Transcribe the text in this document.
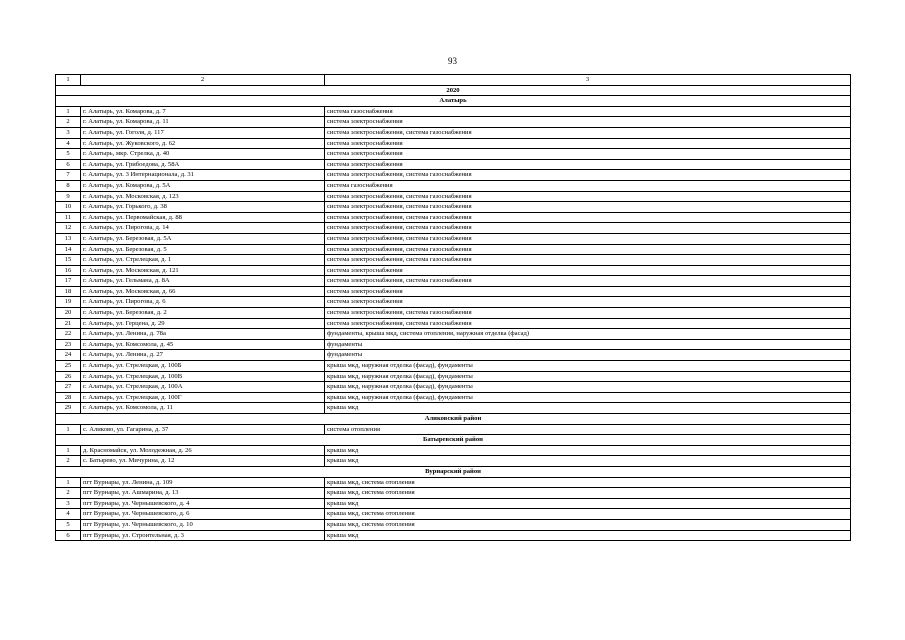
93
1	2	3
2020		
Алатырь		
1	г. Алатырь, ул. Комарова, д. 7	система газоснабжения
2	г. Алатырь, ул. Комарова, д. 11	система электроснабжения
3	г. Алатырь, ул. Гоголя, д. 117	система электроснабжения, система газоснабжения
4	г. Алатырь, ул. Жуковского, д. 62	система электроснабжения
5	г. Алатырь, мкр. Стрелка, д. 40	система электроснабжения
6	г. Алатырь, ул. Грибоедова, д. 58А	система электроснабжения
7	г. Алатырь, ул. 3 Интернационала, д. 31	система электроснабжения, система газоснабжения
8	г. Алатырь, ул. Комарова, д. 5А	система газоснабжения
9	г. Алатырь, ул. Московская, д. 123	система электроснабжения, система газоснабжения
10	г. Алатырь, ул. Горького, д. 38	система электроснабжения, система газоснабжения
11	г. Алатырь, ул. Первомайская, д. 88	система электроснабжения, система газоснабжения
12	г. Алатырь, ул. Пирогова, д. 14	система электроснабжения, система газоснабжения
13	г. Алатырь, ул. Березовая, д. 5А	система электроснабжения, система газоснабжения
14	г. Алатырь, ул. Березовая, д. 5	система электроснабжения, система газоснабжения
15	г. Алатырь, ул. Стрелецкая, д. 1	система электроснабжения, система газоснабжения
16	г. Алатырь, ул. Московская, д. 121	система электроснабжения
17	г. Алатырь, ул. Гельмана, д. 8А	система электроснабжения, система газоснабжения
18	г. Алатырь, ул. Московская, д. 66	система электроснабжения
19	г. Алатырь, ул. Пирогова, д. 6	система электроснабжения
20	г. Алатырь, ул. Березовая, д. 2	система электроснабжения, система газоснабжения
21	г. Алатырь, ул. Герцена, д. 29	система электроснабжения, система газоснабжения
22	г. Алатырь, ул. Ленина, д. 78а	фундаменты, крыша мкд, система отопления, наружная отделка (фасад)
23	г. Алатырь, ул. Комсомола, д. 45	фундаменты
24	г. Алатырь, ул. Ленина, д. 27	фундаменты
25	г. Алатырь, ул. Стрелецкая, д. 100Б	крыша мкд, наружная отделка (фасад), фундаменты
26	г. Алатырь, ул. Стрелецкая, д. 100В	крыша мкд, наружная отделка (фасад), фундаменты
27	г. Алатырь, ул. Стрелецкая, д. 100А	крыша мкд, наружная отделка (фасад), фундаменты
28	г. Алатырь, ул. Стрелецкая, д. 100Г	крыша мкд, наружная отделка (фасад), фундаменты
29	г. Алатырь, ул. Комсомола, д. 11	крыша мкд
Аликовский район		
1	с. Аликово, ул. Гагарина, д. 37	система отопления
Батыревский район		
1	д. Красномайск, ул. Молодежная, д. 26	крыша мкд
2	с. Батырево, ул. Мичурина, д. 12	крыша мкд
Вурнарский район		
1	пгт Вурнары, ул. Ленина, д. 109	крыша мкд, система отопления
2	пгт Вурнары, ул. Ашмарина, д. 13	крыша мкд, система отопления
3	пгт Вурнары, ул. Чернышевского, д. 4	крыша мкд
4	пгт Вурнары, ул. Чернышевского, д. 6	крыша мкд, система отопления
5	пгт Вурнары, ул. Чернышевского, д. 10	крыша мкд, система отопления
6	пгт Вурнары, ул. Строительная, д. 3	крыша мкд
